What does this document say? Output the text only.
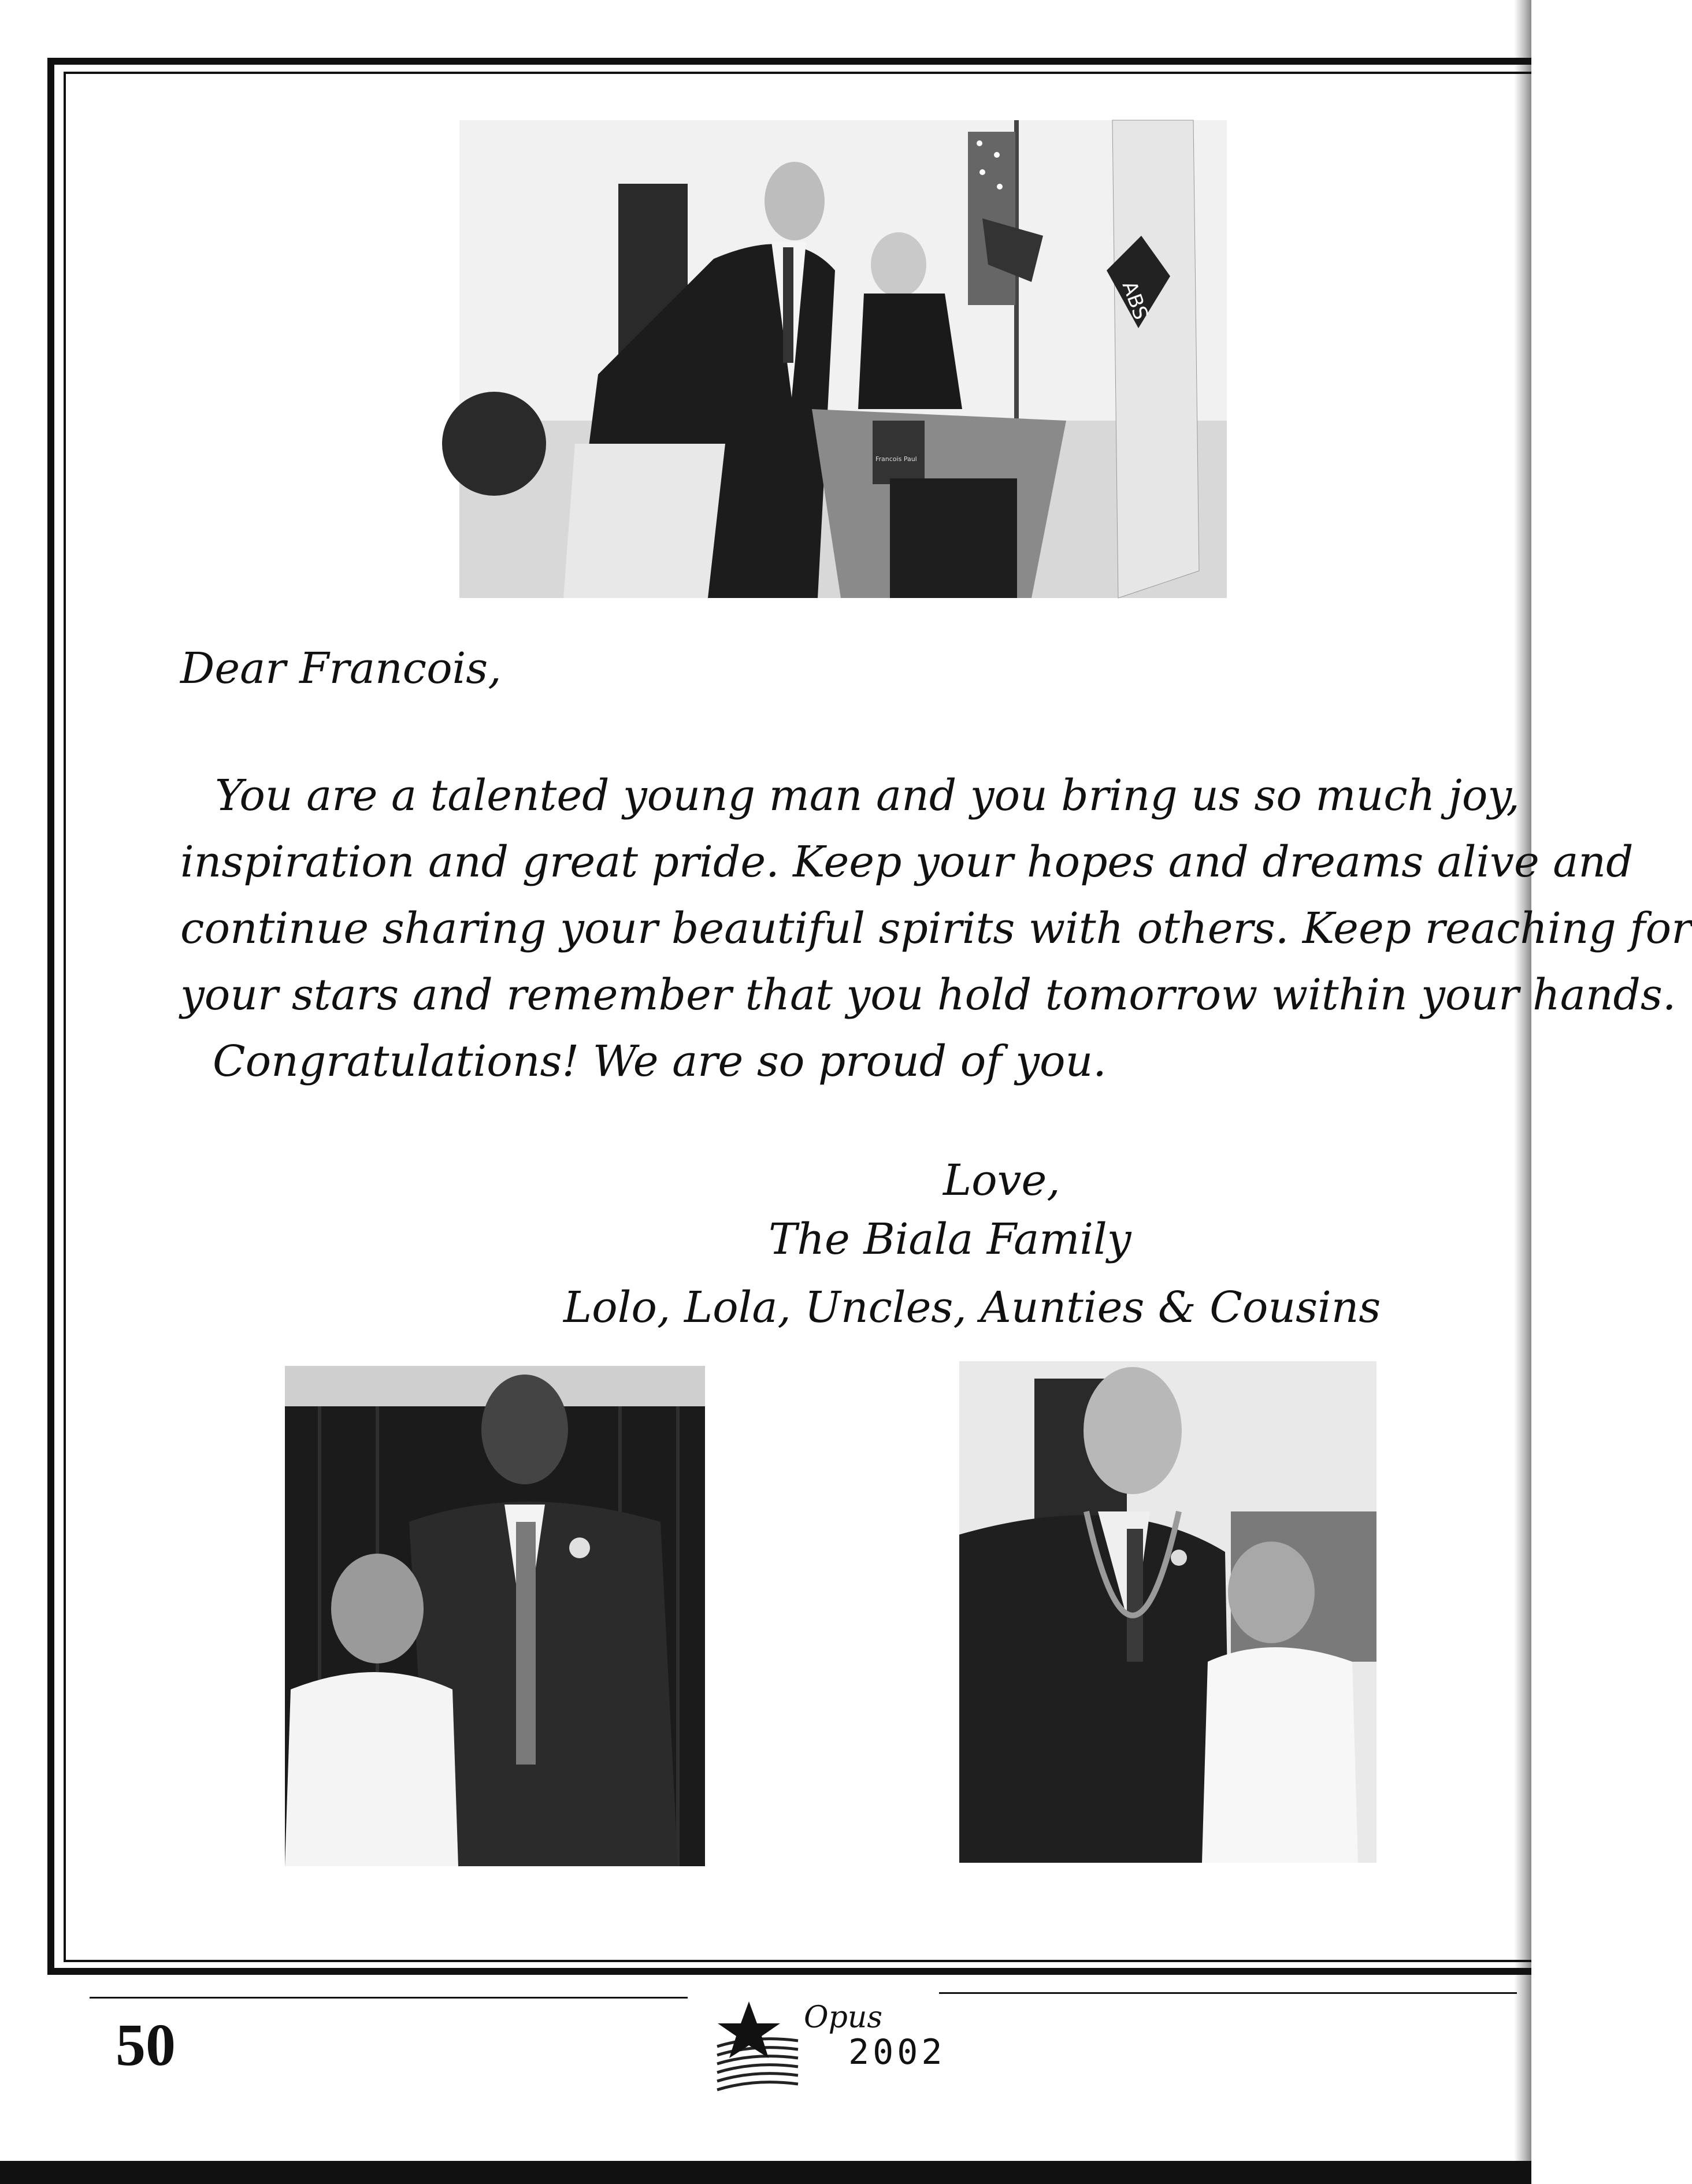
ABS
Francois Paul
Dear Francois,
You are a talented young man and you bring us so much joy,
inspiration and great pride. Keep your hopes and dreams alive and
continue sharing your beautiful spirits with others. Keep reaching for
your stars and remember that you hold tomorrow within your hands.
Congratulations! We are so proud of you.
Love,
The Biala Family
Lolo, Lola, Uncles, Aunties & Cousins
50	Opus
2002
